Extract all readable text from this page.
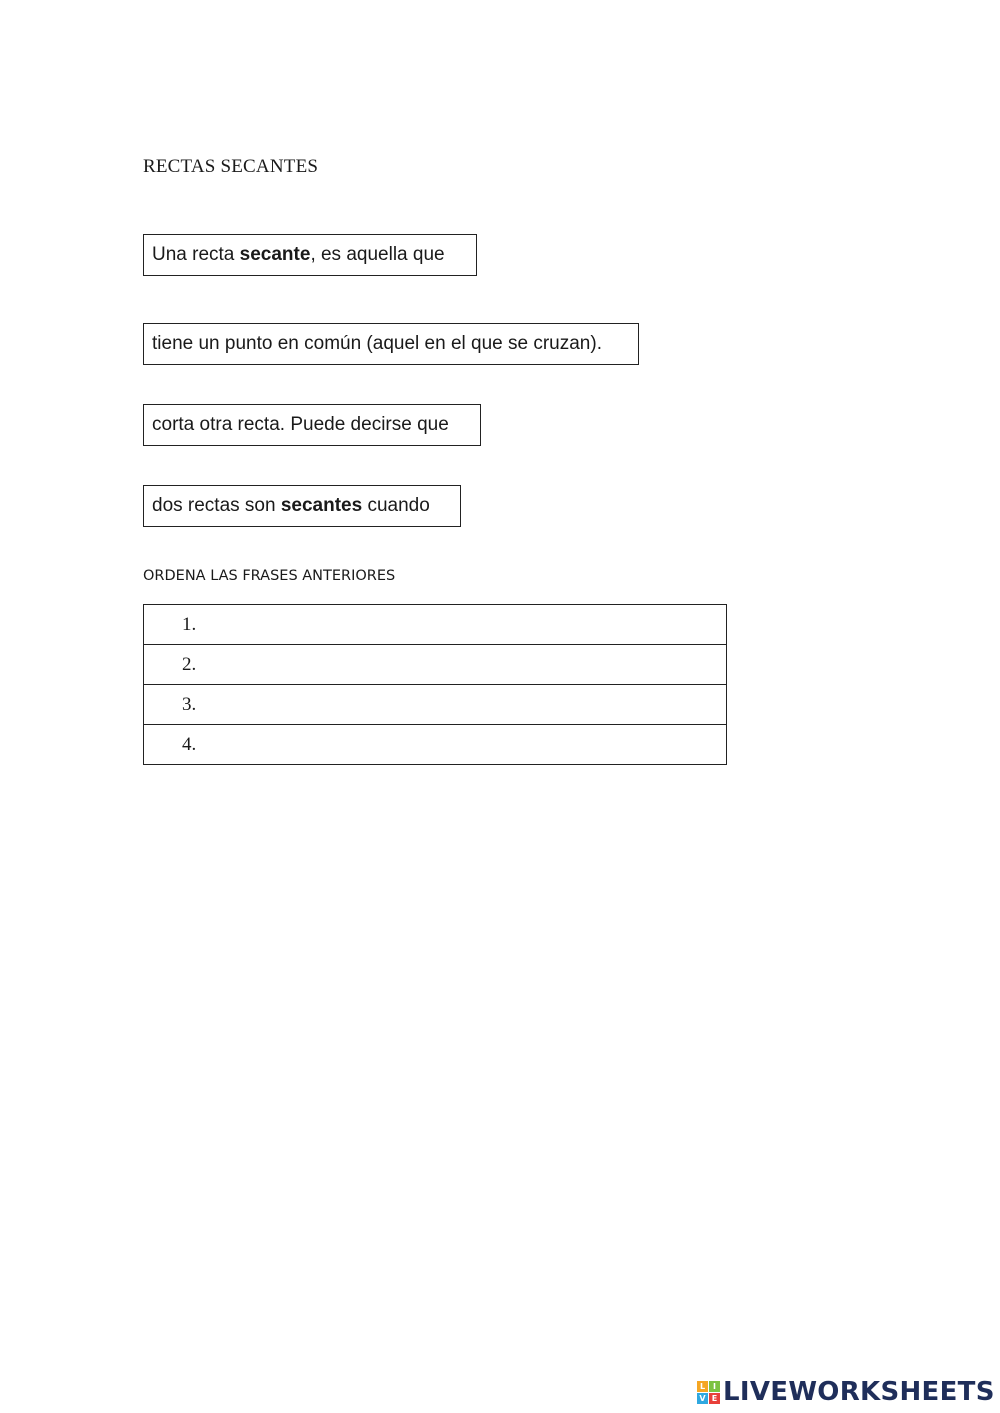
RECTAS SECANTES
Una recta secante, es aquella que
tiene un punto en común (aquel en el que se cruzan).
corta otra recta. Puede decirse que
dos rectas son secantes cuando
ORDENA LAS FRASES ANTERIORES
1.
2.
3.
4.
L I
V E LIVEWORKSHEETS
